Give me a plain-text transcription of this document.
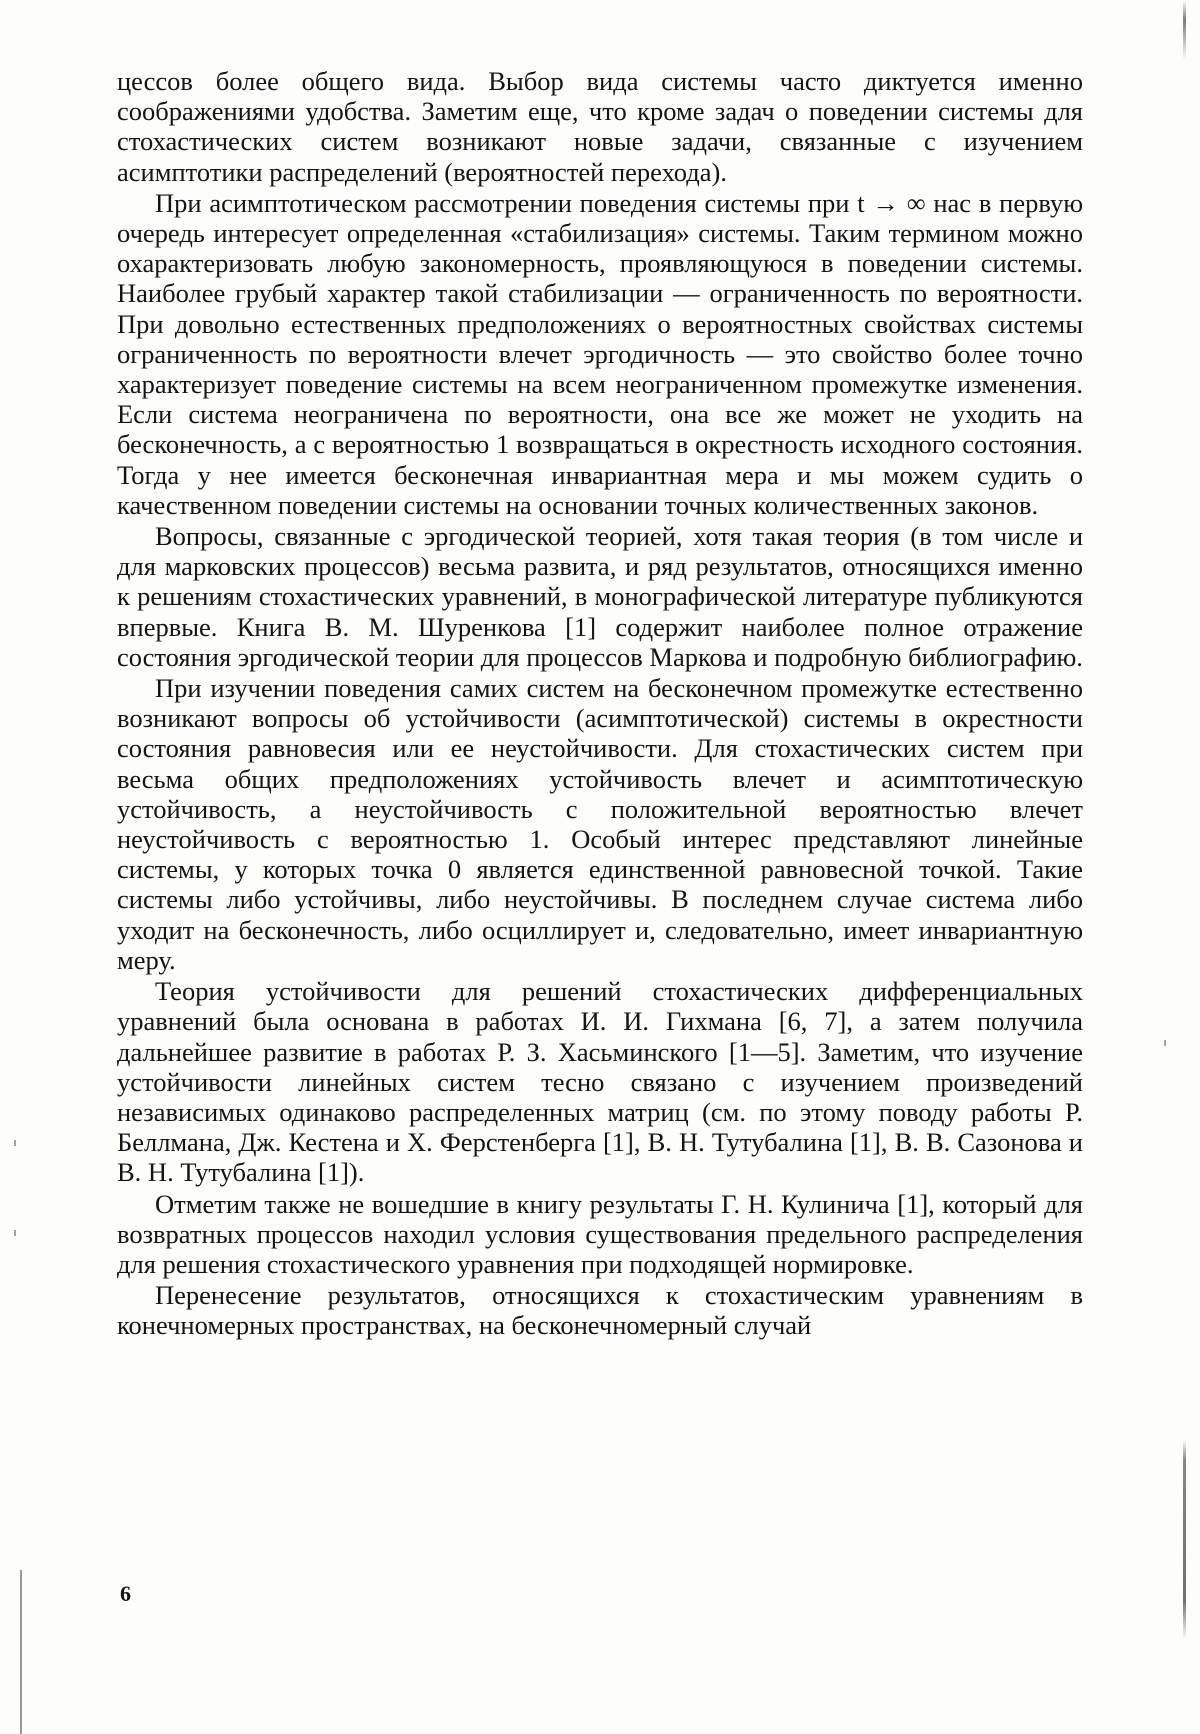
цессов более общего вида. Выбор вида системы часто диктуется именно соображениями удобства. Заметим еще, что кроме задач о поведении системы для стохастических систем возникают новые задачи, связанные с изучением асимптотики распределений (вероятностей перехода).

При асимптотическом рассмотрении поведения системы при t → ∞ нас в первую очередь интересует определенная «стабилизация» системы. Таким термином можно охарактеризовать любую закономерность, проявляющуюся в поведении системы. Наиболее грубый характер такой стабилизации — ограниченность по вероятности. При довольно естественных предположениях о вероятностных свойствах системы ограниченность по вероятности влечет эргодичность — это свойство более точно характеризует поведение системы на всем неограниченном промежутке изменения. Если система неограничена по вероятности, она все же может не уходить на бесконечность, а с вероятностью 1 возвращаться в окрестность исходного состояния. Тогда у нее имеется бесконечная инвариантная мера и мы можем судить о качественном поведении системы на основании точных количественных законов.

Вопросы, связанные с эргодической теорией, хотя такая теория (в том числе и для марковских процессов) весьма развита, и ряд результатов, относящихся именно к решениям стохастических уравнений, в монографической литературе публикуются впервые. Книга В. М. Шуренкова [1] содержит наиболее полное отражение состояния эргодической теории для процессов Маркова и подробную библиографию.

При изучении поведения самих систем на бесконечном промежутке естественно возникают вопросы об устойчивости (асимптотической) системы в окрестности состояния равновесия или ее неустойчивости. Для стохастических систем при весьма общих предположениях устойчивость влечет и асимптотическую устойчивость, а неустойчивость с положительной вероятностью влечет неустойчивость с вероятностью 1. Особый интерес представляют линейные системы, у которых точка 0 является единственной равновесной точкой. Такие системы либо устойчивы, либо неустойчивы. В последнем случае система либо уходит на бесконечность, либо осциллирует и, следовательно, имеет инвариантную меру.

Теория устойчивости для решений стохастических дифференциальных уравнений была основана в работах И. И. Гихмана [6, 7], а затем получила дальнейшее развитие в работах Р. З. Хасьминского [1—5]. Заметим, что изучение устойчивости линейных систем тесно связано с изучением произведений независимых одинаково распределенных матриц (см. по этому поводу работы Р. Беллмана, Дж. Кестена и Х. Ферстенберга [1], В. Н. Тутубалина [1], В. В. Сазонова и В. Н. Тутубалина [1]).

Отметим также не вошедшие в книгу результаты Г. Н. Кулинича [1], который для возвратных процессов находил условия существования предельного распределения для решения стохастического уравнения при подходящей нормировке.

Перенесение результатов, относящихся к стохастическим уравнениям в конечномерных пространствах, на бесконечномерный случай

6
